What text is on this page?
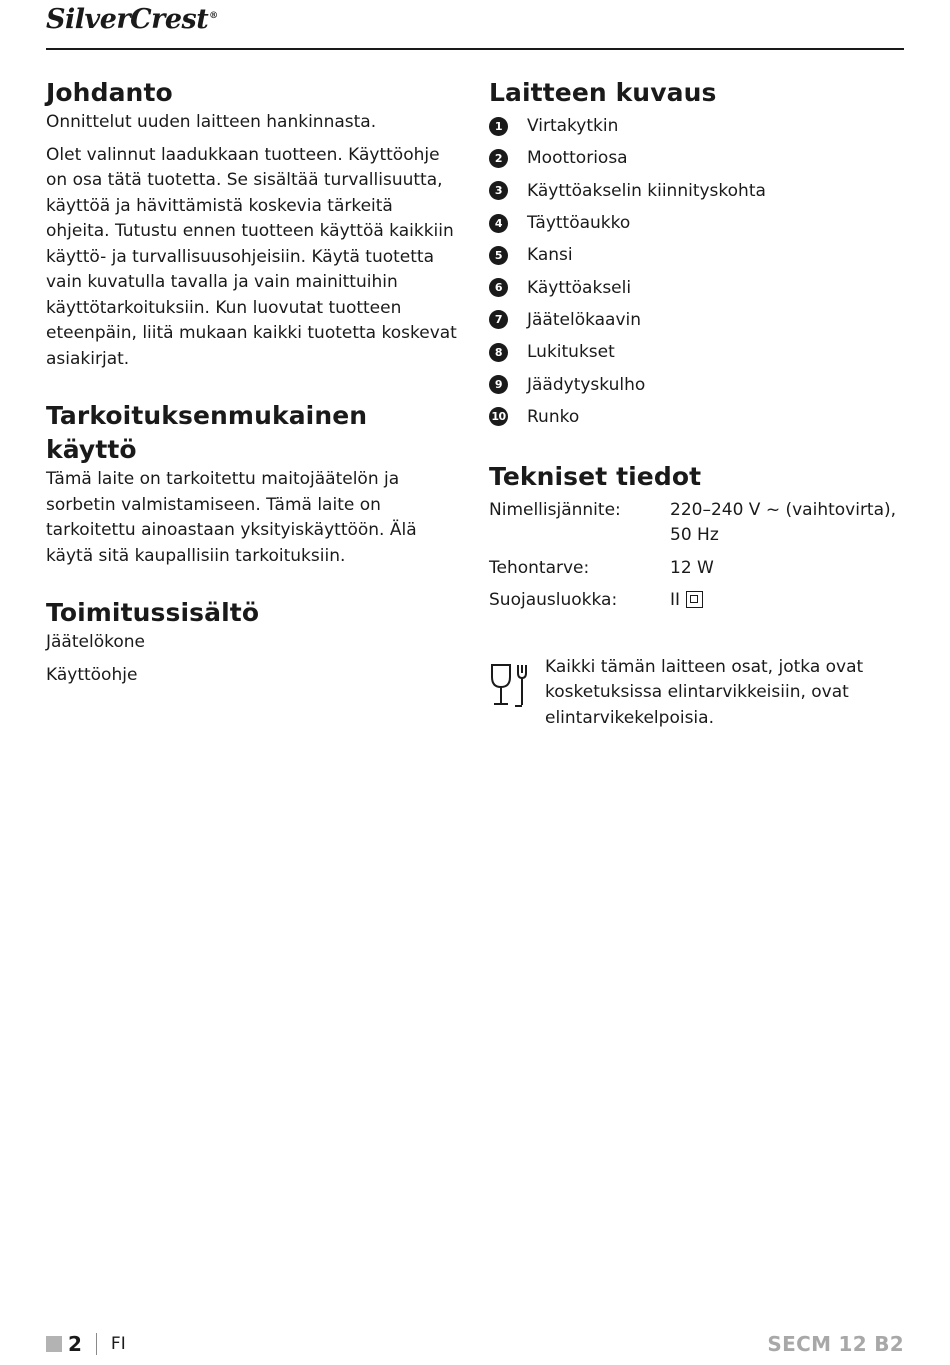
SilverCrest®
Johdanto

Onnittelut uuden laitteen hankinnasta.

Olet valinnut laadukkaan tuotteen. Käyttöohje on osa tätä tuotetta. Se sisältää turvallisuutta, käyttöä ja hävittämistä koskevia tärkeitä ohjeita. Tutustu ennen tuotteen käyttöä kaikkiin käyttö- ja turvallisuusohjeisiin. Käytä tuotetta vain kuvatulla tavalla ja vain mainittuihin käyttötarkoituksiin. Kun luovutat tuotteen eteenpäin, liitä mukaan kaikki tuotetta koskevat asiakirjat.

Tarkoituksenmukainen käyttö

Tämä laite on tarkoitettu maitojäätelön ja sorbetin valmistamiseen. Tämä laite on tarkoitettu ainoastaan yksityiskäyttöön. Älä käytä sitä kaupallisiin tarkoituksiin.

Toimitussisältö

Jäätelökone

Käyttöohje

Laitteen kuvaus
1	Virtakytkin
2	Moottoriosa
3	Käyttöakselin kiinnityskohta
4	Täyttöaukko
5	Kansi
6	Käyttöakseli
7	Jäätelökaavin
8	Lukitukset
9	Jäädytyskulho
10 Runko
Tekniset tiedot
Nimellisjännite:	220–240 V ~ (vaihtovirta), 50 Hz
Tehontarve:	12 W
Suojausluokka:	II
Kaikki tämän laitteen osat, jotka ovat kosketuksissa elintarvikkeisiin, ovat elintarvikekelpoisia.
2 FI	SECM 12 B2
